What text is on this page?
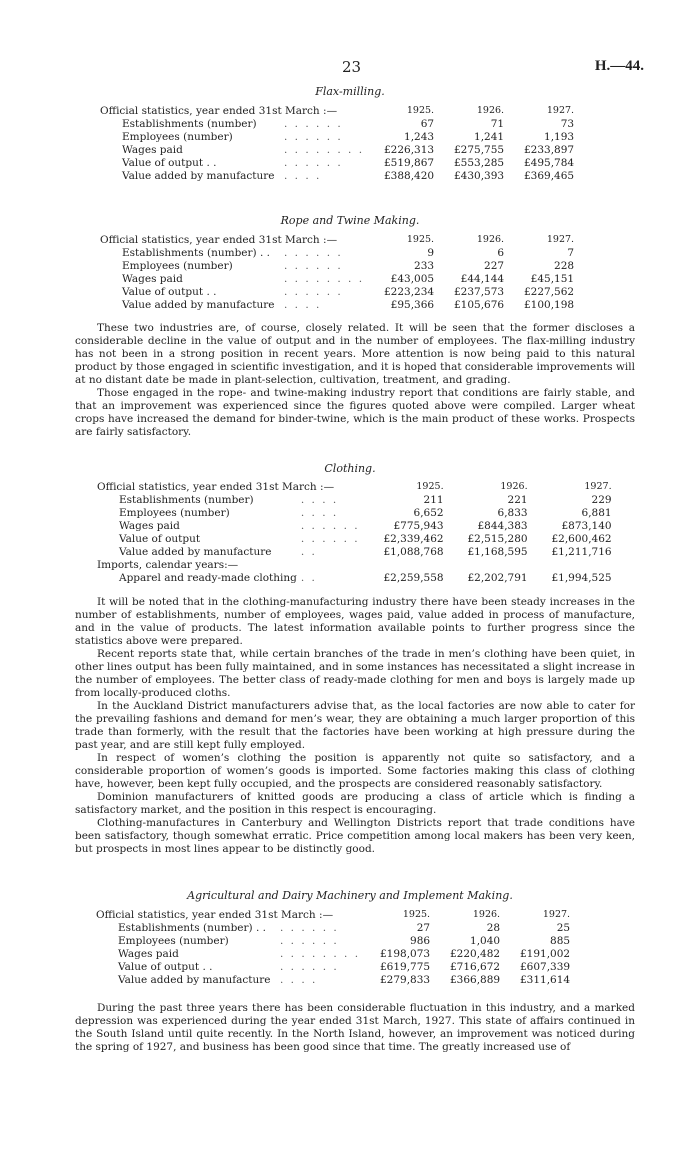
23	H.—44.
Flax-milling.
Official statistics, year ended 31st March :—		1925.	1926.	1927.
Establishments (number)	. . . . . .	67	71	73
Employees (number)	. . . . . .	1,243	1,241	1,193
Wages paid	. . . . . . . .	£226,313	£275,755	£233,897
Value of output . .	. . . . . .	£519,867	£553,285	£495,784
Value added by manufacture	. . . .	£388,420	£430,393	£369,465
Rope and Twine Making.
Official statistics, year ended 31st March :—		1925.	1926.	1927.
Establishments (number) . .	. . . . . .	9	6	7
Employees (number)	. . . . . .	233	227	228
Wages paid	. . . . . . . .	£43,005	£44,144	£45,151
Value of output . .	. . . . . .	£223,234	£237,573	£227,562
Value added by manufacture	. . . .	£95,366	£105,676	£100,198

These two industries are, of course, closely related. It will be seen that the former discloses a considerable decline in the value of output and in the number of employees. The flax-milling industry has not been in a strong position in recent years. More attention is now being paid to this natural product by those engaged in scientific investigation, and it is hoped that considerable improvements will at no distant date be made in plant-selection, cultivation, treatment, and grading.

Those engaged in the rope- and twine-making industry report that conditions are fairly stable, and that an improvement was experienced since the figures quoted above were compiled. Larger wheat crops have increased the demand for binder-twine, which is the main product of these works. Prospects are fairly satisfactory.

Clothing.
Official statistics, year ended 31st March :—		1925.	1926.	1927.
Establishments (number)	. . . .	211	221	229
Employees (number)	. . . .	6,652	6,833	6,881
Wages paid	. . . . . .	£775,943	£844,383	£873,140
Value of output	. . . . . .	£2,339,462	£2,515,280	£2,600,462
Value added by manufacture	. .	£1,088,768	£1,168,595	£1,211,716
Imports, calendar years:—				
Apparel and ready-made clothing	. .	£2,259,558	£2,202,791	£1,994,525

It will be noted that in the clothing-manufacturing industry there have been steady increases in the number of establishments, number of employees, wages paid, value added in process of manufacture, and in the value of products. The latest information available points to further progress since the statistics above were prepared.

Recent reports state that, while certain branches of the trade in men’s clothing have been quiet, in other lines output has been fully maintained, and in some instances has necessitated a slight increase in the number of employees. The better class of ready-made clothing for men and boys is largely made up from locally-produced cloths.

In the Auckland District manufacturers advise that, as the local factories are now able to cater for the prevailing fashions and demand for men’s wear, they are obtaining a much larger proportion of this trade than formerly, with the result that the factories have been working at high pressure during the past year, and are still kept fully employed.

In respect of women’s clothing the position is apparently not quite so satisfactory, and a considerable proportion of women’s goods is imported. Some factories making this class of clothing have, however, been kept fully occupied, and the prospects are considered reasonably satisfactory.

Dominion manufacturers of knitted goods are producing a class of article which is finding a satisfactory market, and the position in this respect is encouraging.

Clothing-manufactures in Canterbury and Wellington Districts report that trade conditions have been satisfactory, though somewhat erratic. Price competition among local makers has been very keen, but prospects in most lines appear to be distinctly good.

Agricultural and Dairy Machinery and Implement Making.
Official statistics, year ended 31st March :—		1925.	1926.	1927.
Establishments (number) . .	. . . . . .	27	28	25
Employees (number)	. . . . . .	986	1,040	885
Wages paid	. . . . . . . .	£198,073	£220,482	£191,002
Value of output . .	. . . . . .	£619,775	£716,672	£607,339
Value added by manufacture	. . . .	£279,833	£366,889	£311,614

During the past three years there has been considerable fluctuation in this industry, and a marked depression was experienced during the year ended 31st March, 1927. This state of affairs continued in the South Island until quite recently. In the North Island, however, an improvement was noticed during the spring of 1927, and business has been good since that time. The greatly increased use of
